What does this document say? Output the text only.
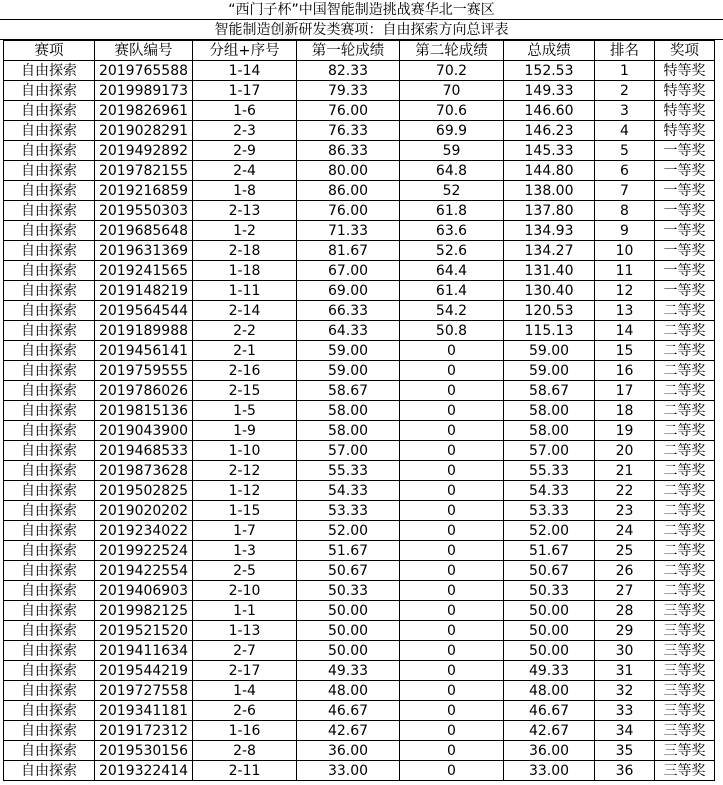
“西门子杯”中国智能制造挑战赛华北一赛区
智能制造创新研发类赛项：自由探索方向总评表
赛项	赛队编号	分组+序号	第一轮成绩	第二轮成绩	总成绩	排名	奖项
自由探索	2019765588	1-14	82.33	70.2	152.53	1	特等奖
自由探索	2019989173	1-17	79.33	70	149.33	2	特等奖
自由探索	2019826961	1-6	76.00	70.6	146.60	3	特等奖
自由探索	2019028291	2-3	76.33	69.9	146.23	4	特等奖
自由探索	2019492892	2-9	86.33	59	145.33	5	一等奖
自由探索	2019782155	2-4	80.00	64.8	144.80	6	一等奖
自由探索	2019216859	1-8	86.00	52	138.00	7	一等奖
自由探索	2019550303	2-13	76.00	61.8	137.80	8	一等奖
自由探索	2019685648	1-2	71.33	63.6	134.93	9	一等奖
自由探索	2019631369	2-18	81.67	52.6	134.27	10	一等奖
自由探索	2019241565	1-18	67.00	64.4	131.40	11	一等奖
自由探索	2019148219	1-11	69.00	61.4	130.40	12	一等奖
自由探索	2019564544	2-14	66.33	54.2	120.53	13	二等奖
自由探索	2019189988	2-2	64.33	50.8	115.13	14	二等奖
自由探索	2019456141	2-1	59.00	0	59.00	15	二等奖
自由探索	2019759555	2-16	59.00	0	59.00	16	二等奖
自由探索	2019786026	2-15	58.67	0	58.67	17	二等奖
自由探索	2019815136	1-5	58.00	0	58.00	18	二等奖
自由探索	2019043900	1-9	58.00	0	58.00	19	二等奖
自由探索	2019468533	1-10	57.00	0	57.00	20	二等奖
自由探索	2019873628	2-12	55.33	0	55.33	21	二等奖
自由探索	2019502825	1-12	54.33	0	54.33	22	二等奖
自由探索	2019020202	1-15	53.33	0	53.33	23	二等奖
自由探索	2019234022	1-7	52.00	0	52.00	24	二等奖
自由探索	2019922524	1-3	51.67	0	51.67	25	二等奖
自由探索	2019422554	2-5	50.67	0	50.67	26	二等奖
自由探索	2019406903	2-10	50.33	0	50.33	27	二等奖
自由探索	2019982125	1-1	50.00	0	50.00	28	三等奖
自由探索	2019521520	1-13	50.00	0	50.00	29	三等奖
自由探索	2019411634	2-7	50.00	0	50.00	30	三等奖
自由探索	2019544219	2-17	49.33	0	49.33	31	三等奖
自由探索	2019727558	1-4	48.00	0	48.00	32	三等奖
自由探索	2019341181	2-6	46.67	0	46.67	33	三等奖
自由探索	2019172312	1-16	42.67	0	42.67	34	三等奖
自由探索	2019530156	2-8	36.00	0	36.00	35	三等奖
自由探索	2019322414	2-11	33.00	0	33.00	36	三等奖
